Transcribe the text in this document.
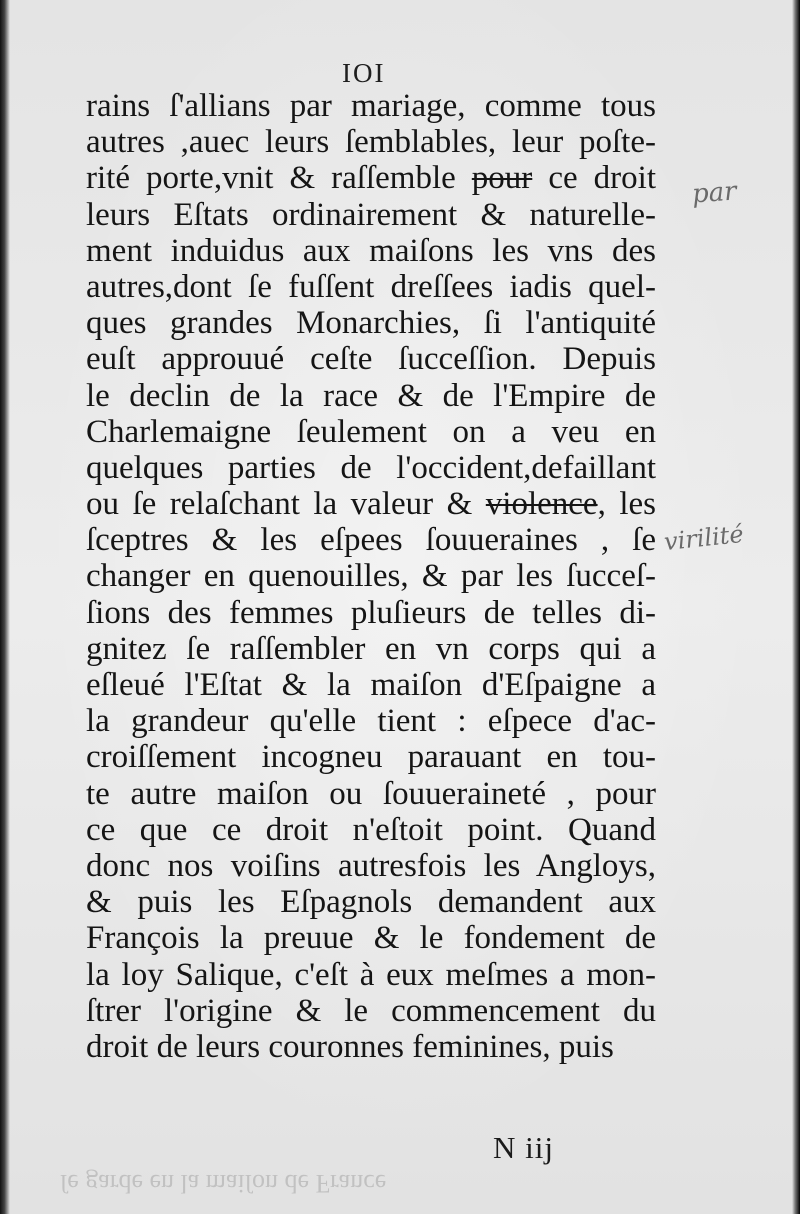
IOI
rains ſ'allians par mariage, comme tous
autres ,auec leurs ſemblables, leur poſte-
rité porte,vnit & raſſemble pour ce droit
leurs Eſtats ordinairement & naturelle-
ment induidus aux maiſons les vns des
autres,dont ſe fuſſent dreſſees iadis quel-
ques grandes Monarchies, ſi l'antiquité
euſt approuué ceſte ſucceſſion. Depuis
le declin de la race & de l'Empire de
Charlemaigne ſeulement on a veu en
quelques parties de l'occident,defaillant
ou ſe relaſchant la valeur & violence, les
ſceptres & les eſpees ſouueraines , ſe
changer en quenouilles, & par les ſucceſ-
ſions des femmes pluſieurs de telles di-
gnitez ſe raſſembler en vn corps qui a
eſleué l'Eſtat & la maiſon d'Eſpaigne a
la grandeur qu'elle tient : eſpece d'ac-
croiſſement incogneu parauant en tou-
te autre maiſon ou ſouueraineté , pour
ce que ce droit n'eſtoit point. Quand
donc nos voiſins autresfois les Angloys,
& puis les Eſpagnols demandent aux
François la preuue & le fondement de
la loy Salique, c'eſt à eux meſmes a mon-
ſtrer l'origine & le commencement du
droit de leurs couronnes feminines, puis
par
virilité
N iij
ſe garde en la maiſon de France
